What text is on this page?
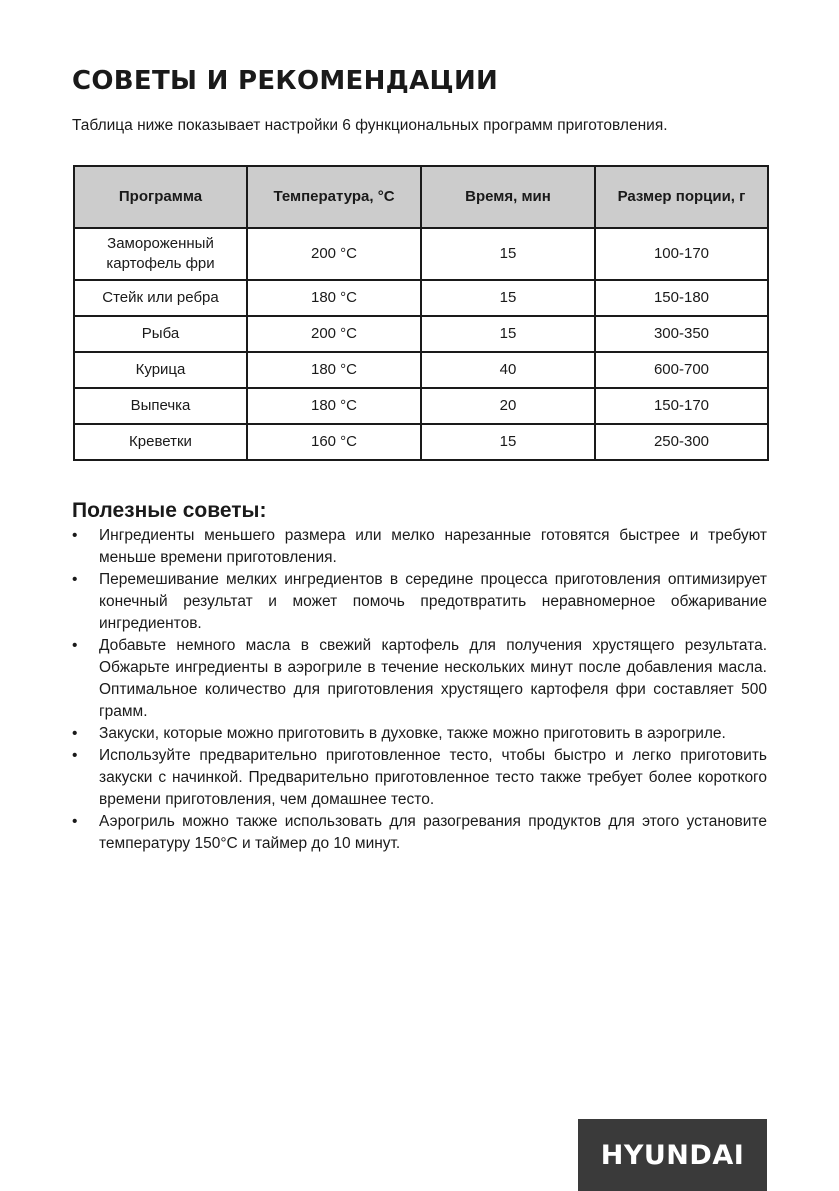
СОВЕТЫ И РЕКОМЕНДАЦИИ
Таблица ниже показывает настройки 6 функциональных программ приготовления.
Программа	Температура, °C	Время, мин	Размер порции, г
Замороженный картофель фри	200 °C	15	100-170
Стейк или ребра	180 °C	15	150-180
Рыба	200 °C	15	300-350
Курица	180 °C	40	600-700
Выпечка	180 °C	20	150-170
Креветки	160 °C	15	250-300
Полезные советы:
• Ингредиенты меньшего размера или мелко нарезанные готовятся быстрее и требуют меньше времени приготовления.
• Перемешивание мелких ингредиентов в середине процесса приготовления оптимизирует конечный результат и может помочь предотвратить неравномерное обжаривание ингредиентов.
• Добавьте немного масла в свежий картофель для получения хрустящего результата. Обжарьте ингредиенты в аэрогриле в течение нескольких минут после добавления масла. Оптимальное количество для приготовления хрустящего картофеля фри составляет 500 грамм.
• Закуски, которые можно приготовить в духовке, также можно приготовить в аэрогриле.
• Используйте предварительно приготовленное тесто, чтобы быстро и легко приготовить закуски с начинкой. Предварительно приготовленное тесто также требует более короткого времени приготовления, чем домашнее тесто.
• Аэрогриль можно также использовать для разогревания продуктов для этого установите температуру 150°C и таймер до 10 минут.
HYUNDAI
